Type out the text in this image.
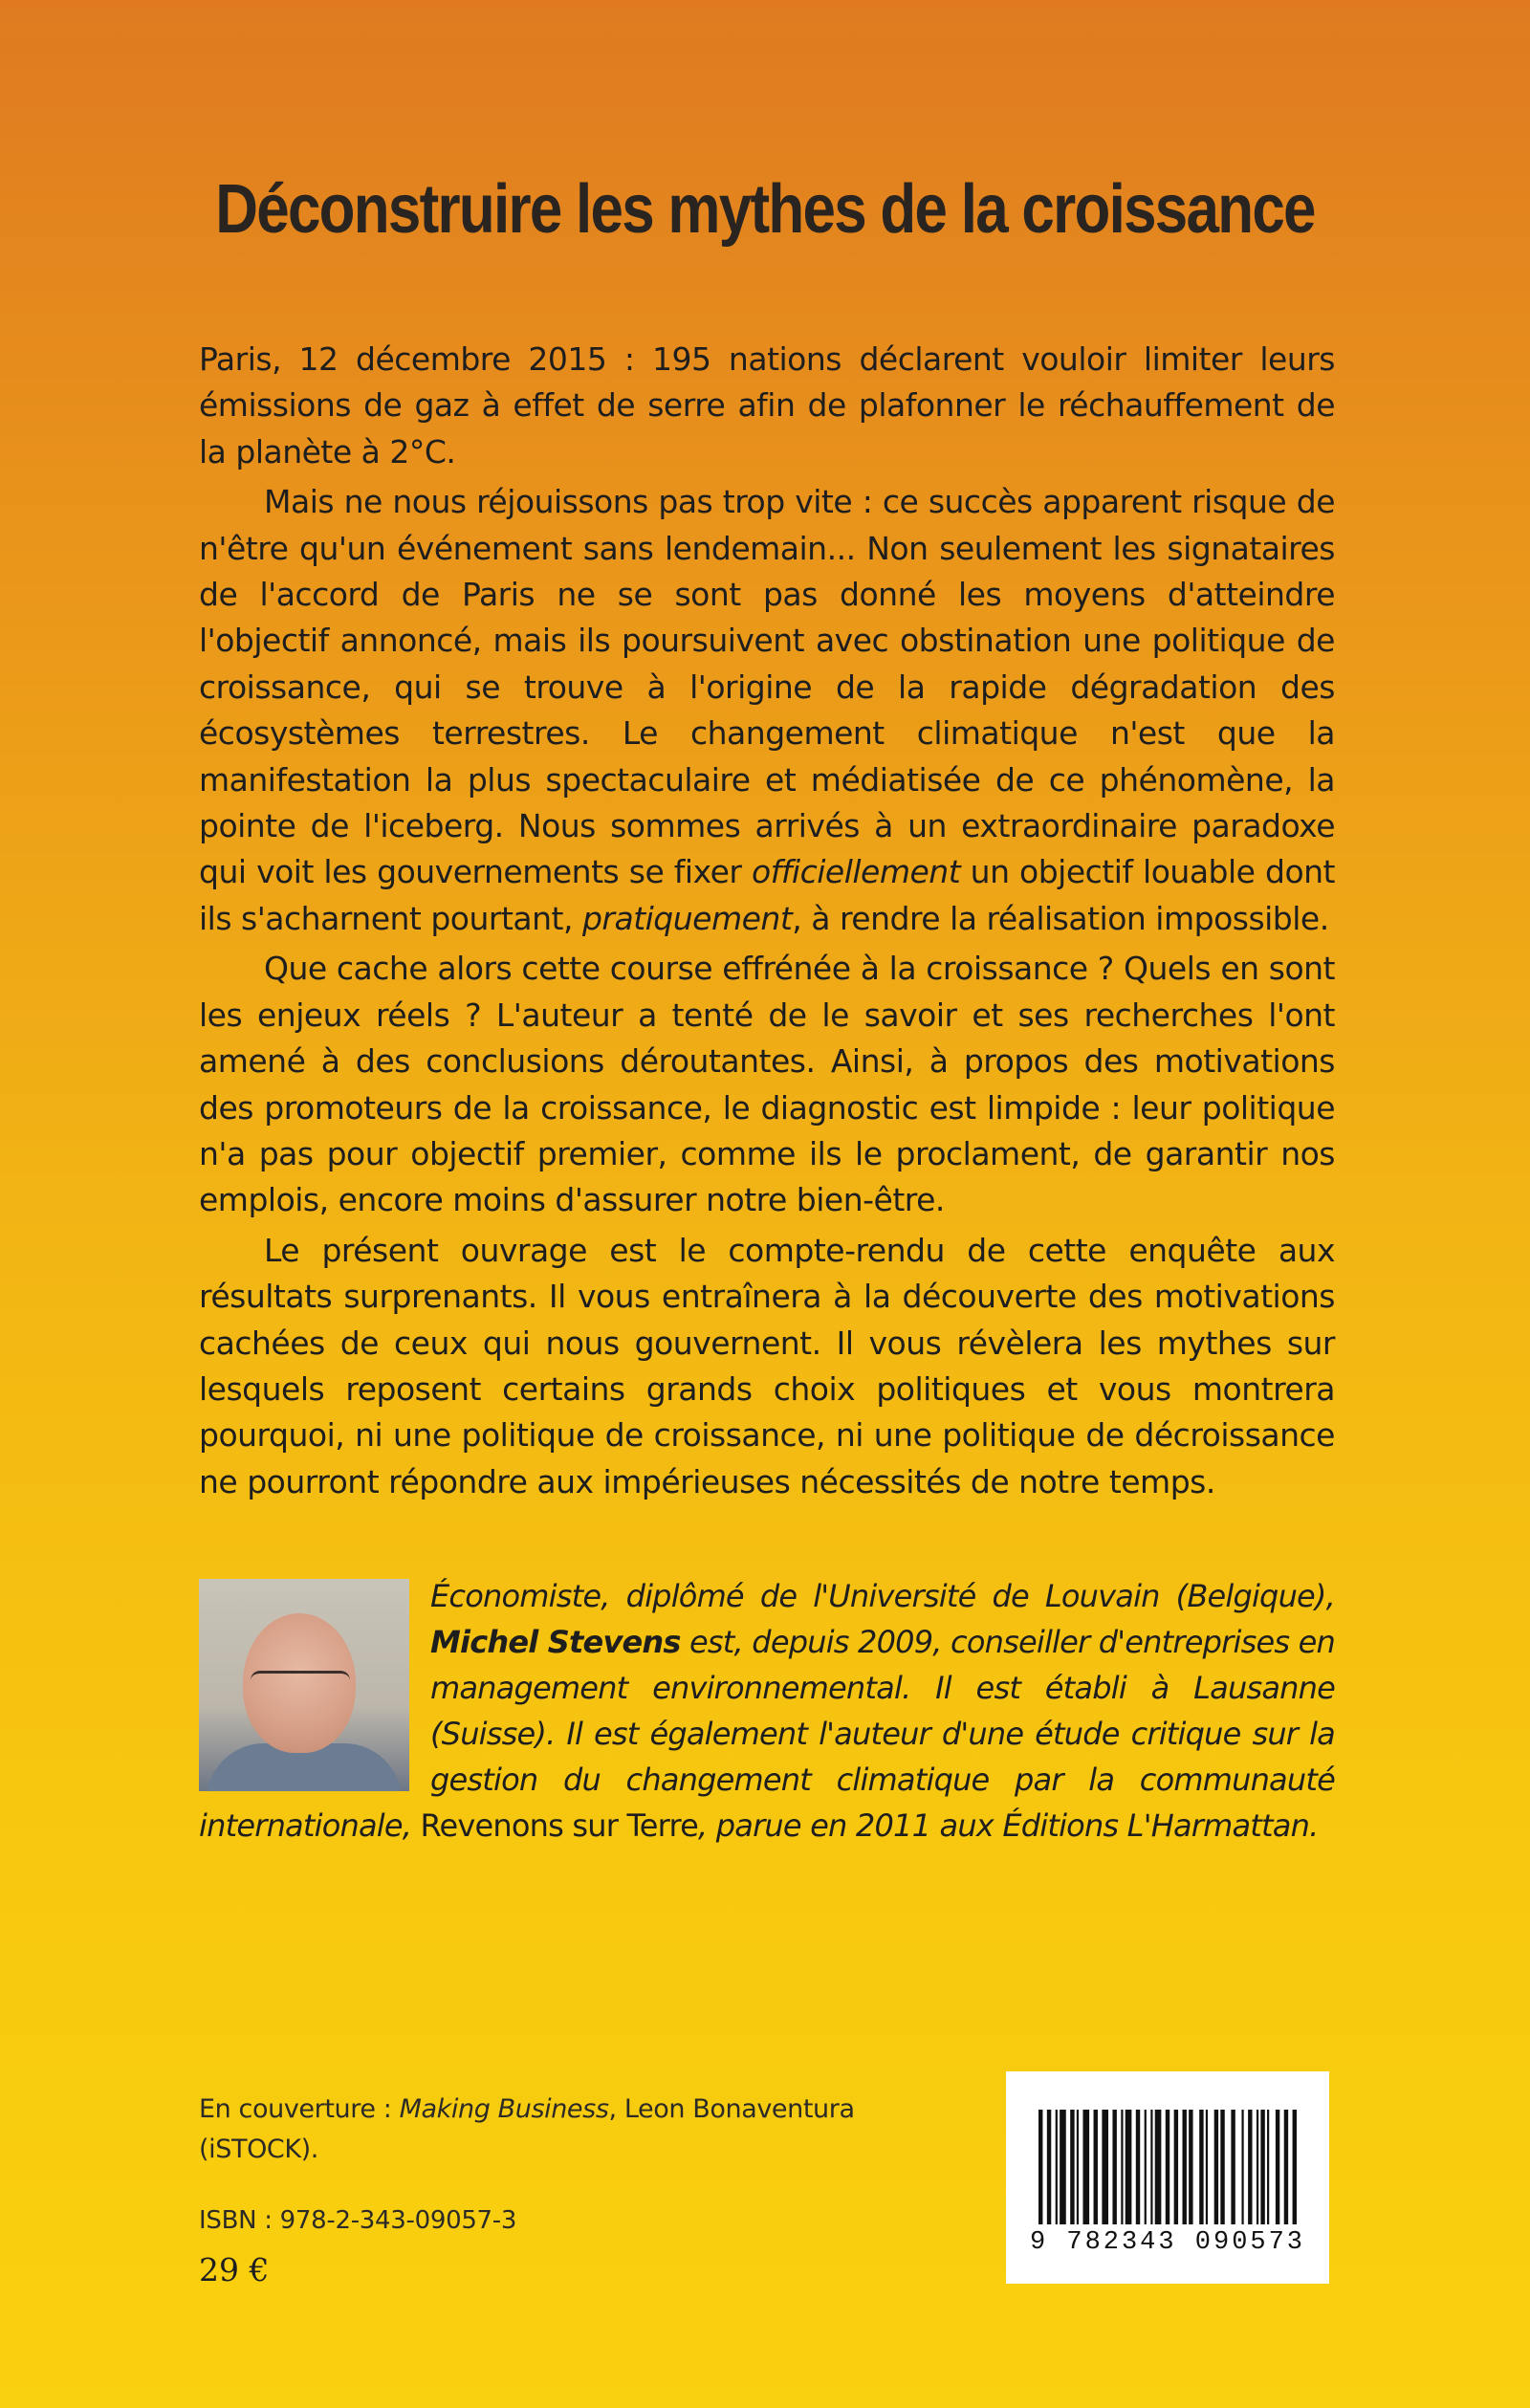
Déconstruire les mythes de la croissance

Paris, 12 décembre 2015 : 195 nations déclarent vouloir limiter leurs émissions de gaz à effet de serre afin de plafonner le réchauffement de la planète à 2°C.

Mais ne nous réjouissons pas trop vite : ce succès apparent risque de n'être qu'un événement sans lendemain... Non seulement les signataires de l'accord de Paris ne se sont pas donné les moyens d'atteindre l'objectif annoncé, mais ils poursuivent avec obstination une politique de croissance, qui se trouve à l'origine de la rapide dégradation des écosystèmes terrestres. Le changement climatique n'est que la manifestation la plus spectaculaire et médiatisée de ce phénomène, la pointe de l'iceberg. Nous sommes arrivés à un extraordinaire paradoxe qui voit les gouvernements se fixer officiellement un objectif louable dont ils s'acharnent pourtant, pratiquement, à rendre la réalisation impossible.

Que cache alors cette course effrénée à la croissance ? Quels en sont les enjeux réels ? L'auteur a tenté de le savoir et ses recherches l'ont amené à des conclusions déroutantes. Ainsi, à propos des motivations des promoteurs de la croissance, le diagnostic est limpide : leur politique n'a pas pour objectif premier, comme ils le proclament, de garantir nos emplois, encore moins d'assurer notre bien-être.

Le présent ouvrage est le compte-rendu de cette enquête aux résultats surprenants. Il vous entraînera à la découverte des motivations cachées de ceux qui nous gouvernent. Il vous révèlera les mythes sur lesquels reposent certains grands choix politiques et vous montrera pourquoi, ni une politique de croissance, ni une politique de décroissance ne pourront répondre aux impérieuses nécessités de notre temps.

Économiste, diplômé de l'Université de Louvain (Belgique), Michel Stevens est, depuis 2009, conseiller d'entreprises en management environnemental. Il est établi à Lausanne (Suisse). Il est également l'auteur d'une étude critique sur la gestion du changement climatique par la communauté internationale, Revenons sur Terre, parue en 2011 aux Éditions L'Harmattan.
En couverture : Making Business, Leon Bonaventura
(iSTOCK).
ISBN : 978-2-343-09057-3
29 €
9 782343 090573
